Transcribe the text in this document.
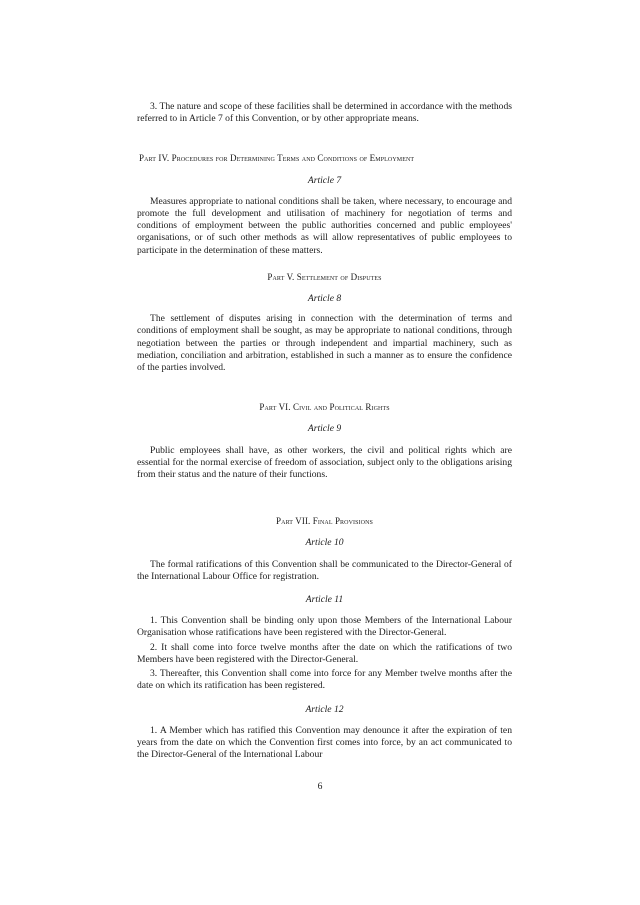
3. The nature and scope of these facilities shall be determined in accordance with the methods referred to in Article 7 of this Convention, or by other appropriate means.

Part IV. Procedures for Determining Terms and Conditions of Employment
Article 7

Measures appropriate to national conditions shall be taken, where necessary, to encourage and promote the full development and utilisation of machinery for negotiation of terms and conditions of employment between the public authorities concerned and public employees' organisations, or of such other methods as will allow representatives of public employees to participate in the determination of these matters.

Part V. Settlement of Disputes
Article 8

The settlement of disputes arising in connection with the determination of terms and conditions of employment shall be sought, as may be appropriate to national conditions, through negotiation between the parties or through independent and impartial machinery, such as mediation, conciliation and arbitration, established in such a manner as to ensure the confidence of the parties involved.

Part VI. Civil and Political Rights
Article 9

Public employees shall have, as other workers, the civil and political rights which are essential for the normal exercise of freedom of association, subject only to the obligations arising from their status and the nature of their functions.

Part VII. Final Provisions
Article 10

The formal ratifications of this Convention shall be communicated to the Director-General of the International Labour Office for registration.

Article 11

1. This Convention shall be binding only upon those Members of the International Labour Organisation whose ratifications have been registered with the Director-General.

2. It shall come into force twelve months after the date on which the ratifications of two Members have been registered with the Director-General.

3. Thereafter, this Convention shall come into force for any Member twelve months after the date on which its ratification has been registered.

Article 12

1. A Member which has ratified this Convention may denounce it after the expiration of ten years from the date on which the Convention first comes into force, by an act communicated to the Director-General of the International Labour

6
